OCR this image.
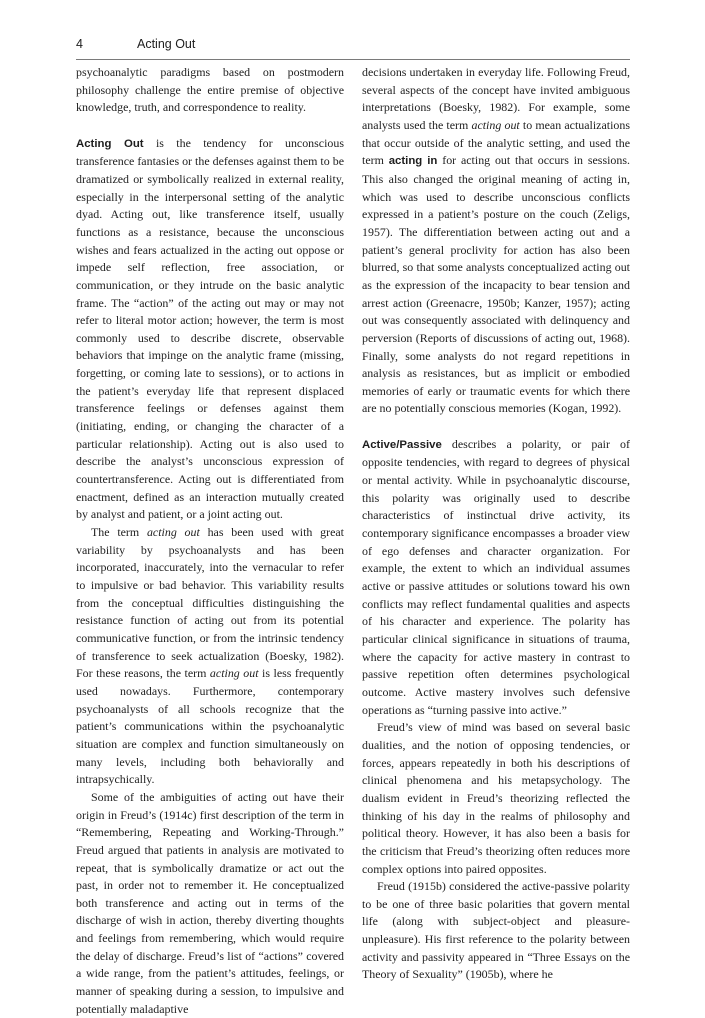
4	Acting Out

psychoanalytic paradigms based on postmodern philosophy challenge the entire premise of objective knowledge, truth, and correspondence to reality.

Acting Out is the tendency for unconscious transference fantasies or the defenses against them to be dramatized or symbolically realized in external reality, especially in the interpersonal setting of the analytic dyad. Acting out, like transference itself, usually functions as a resistance, because the unconscious wishes and fears actualized in the acting out oppose or impede self reflection, free association, or communication, or they intrude on the basic analytic frame. The “action” of the acting out may or may not refer to literal motor action; however, the term is most commonly used to describe discrete, observable behaviors that impinge on the analytic frame (missing, forgetting, or coming late to sessions), or to actions in the patient’s everyday life that represent displaced transference feelings or defenses against them (initiating, ending, or changing the character of a particular relationship). Acting out is also used to describe the analyst’s unconscious expression of countertransference. Acting out is differentiated from enactment, defined as an interaction mutually created by analyst and patient, or a joint acting out.

The term acting out has been used with great variability by psychoanalysts and has been incorporated, inaccurately, into the vernacular to refer to impulsive or bad behavior. This variability results from the conceptual difficulties distinguishing the resistance function of acting out from its potential communicative function, or from the intrinsic tendency of transference to seek actualization (Boesky, 1982). For these reasons, the term acting out is less frequently used nowadays. Furthermore, contemporary psychoanalysts of all schools recognize that the patient’s communications within the psychoanalytic situation are complex and function simultaneously on many levels, including both behaviorally and intrapsychically.

Some of the ambiguities of acting out have their origin in Freud’s (1914c) first description of the term in “Remembering, Repeating and Working-Through.” Freud argued that patients in analysis are motivated to repeat, that is symbolically dramatize or act out the past, in order not to remember it. He conceptualized both transference and acting out in terms of the discharge of wish in action, thereby diverting thoughts and feelings from remembering, which would require the delay of discharge. Freud’s list of “actions” covered a wide range, from the patient’s attitudes, feelings, or manner of speaking during a session, to impulsive and potentially maladaptive

decisions undertaken in everyday life. Following Freud, several aspects of the concept have invited ambiguous interpretations (Boesky, 1982). For example, some analysts used the term acting out to mean actualizations that occur outside of the analytic setting, and used the term acting in for acting out that occurs in sessions. This also changed the original meaning of acting in, which was used to describe unconscious conflicts expressed in a patient’s posture on the couch (Zeligs, 1957). The differentiation between acting out and a patient’s general proclivity for action has also been blurred, so that some analysts conceptualized acting out as the expression of the incapacity to bear tension and arrest action (Greenacre, 1950b; Kanzer, 1957); acting out was consequently associated with delinquency and perversion (Reports of discussions of acting out, 1968). Finally, some analysts do not regard repetitions in analysis as resistances, but as implicit or embodied memories of early or traumatic events for which there are no potentially conscious memories (Kogan, 1992).

Active/Passive describes a polarity, or pair of opposite tendencies, with regard to degrees of physical or mental activity. While in psychoanalytic discourse, this polarity was originally used to describe characteristics of instinctual drive activity, its contemporary significance encompasses a broader view of ego defenses and character organization. For example, the extent to which an individual assumes active or passive attitudes or solutions toward his own conflicts may reflect fundamental qualities and aspects of his character and experience. The polarity has particular clinical significance in situations of trauma, where the capacity for active mastery in contrast to passive repetition often determines psychological outcome. Active mastery involves such defensive operations as “turning passive into active.”

Freud’s view of mind was based on several basic dualities, and the notion of opposing tendencies, or forces, appears repeatedly in both his descriptions of clinical phenomena and his metapsychology. The dualism evident in Freud’s theorizing reflected the thinking of his day in the realms of philosophy and political theory. However, it has also been a basis for the criticism that Freud’s theorizing often reduces more complex options into paired opposites.

Freud (1915b) considered the active-passive polarity to be one of three basic polarities that govern mental life (along with subject-object and pleasure-unpleasure). His first reference to the polarity between activity and passivity appeared in “Three Essays on the Theory of Sexuality” (1905b), where he
